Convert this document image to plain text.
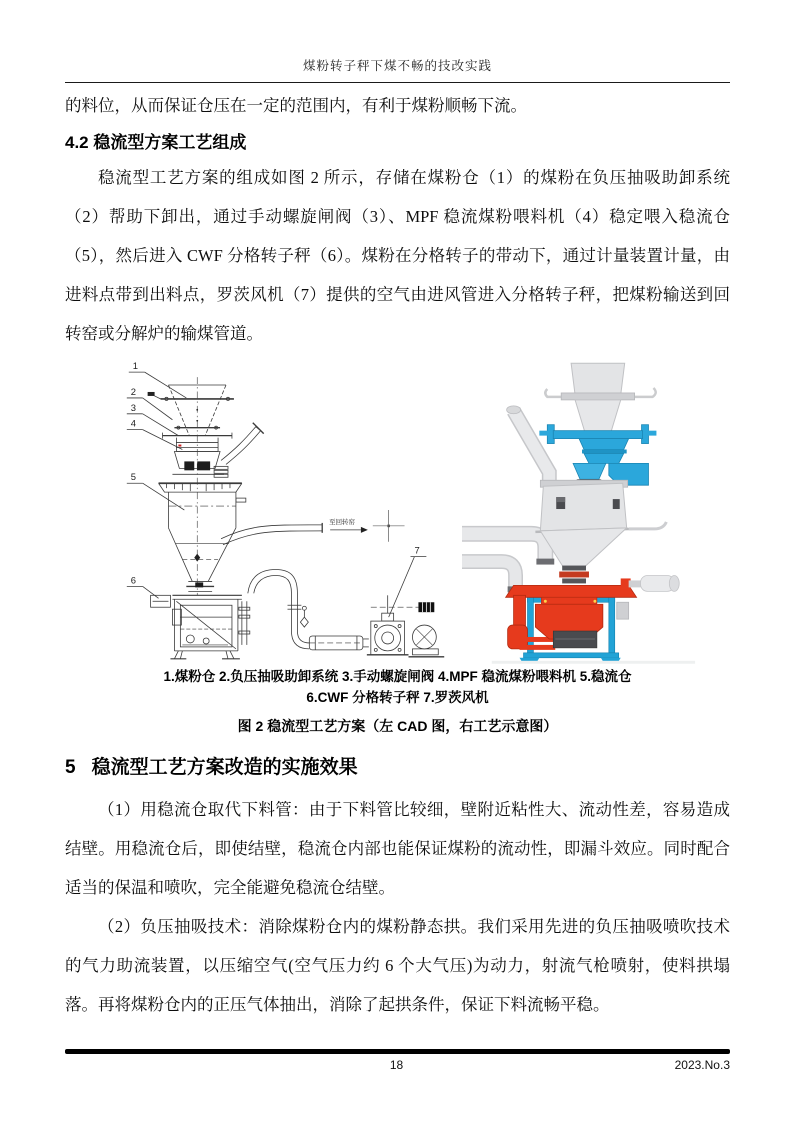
煤粉转子秤下煤不畅的技改实践

的料位，从而保证仓压在一定的范围内，有利于煤粉顺畅下流。

4.2 稳流型方案工艺组成

稳流型工艺方案的组成如图 2 所示，存储在煤粉仓（1）的煤粉在负压抽吸助卸系统（2）帮助下卸出，通过手动螺旋闸阀（3）、MPF 稳流煤粉喂料机（4）稳定喂入稳流仓（5），然后进入 CWF 分格转子秤（6）。煤粉在分格转子的带动下，通过计量装置计量，由进料点带到出料点，罗茨风机（7）提供的空气由进风管进入分格转子秤，把煤粉输送到回转窑或分解炉的输煤管道。

1
2
3
4
5
6
7
至回转窑
1.煤粉仓 2.负压抽吸助卸系统 3.手动螺旋闸阀 4.MPF 稳流煤粉喂料机 5.稳流仓
6.CWF 分格转子秤 7.罗茨风机
图 2 稳流型工艺方案（左 CAD 图，右工艺示意图）
5 稳流型工艺方案改造的实施效果

（1）用稳流仓取代下料管：由于下料管比较细，壁附近粘性大、流动性差，容易造成结壁。用稳流仓后，即使结壁，稳流仓内部也能保证煤粉的流动性，即漏斗效应。同时配合适当的保温和喷吹，完全能避免稳流仓结壁。

（2）负压抽吸技术：消除煤粉仓内的煤粉静态拱。我们采用先进的负压抽吸喷吹技术的气力助流装置，以压缩空气(空气压力约 6 个大气压)为动力，射流气枪喷射，使料拱塌落。再将煤粉仓内的正压气体抽出，消除了起拱条件，保证下料流畅平稳。

18	2023.No.3
